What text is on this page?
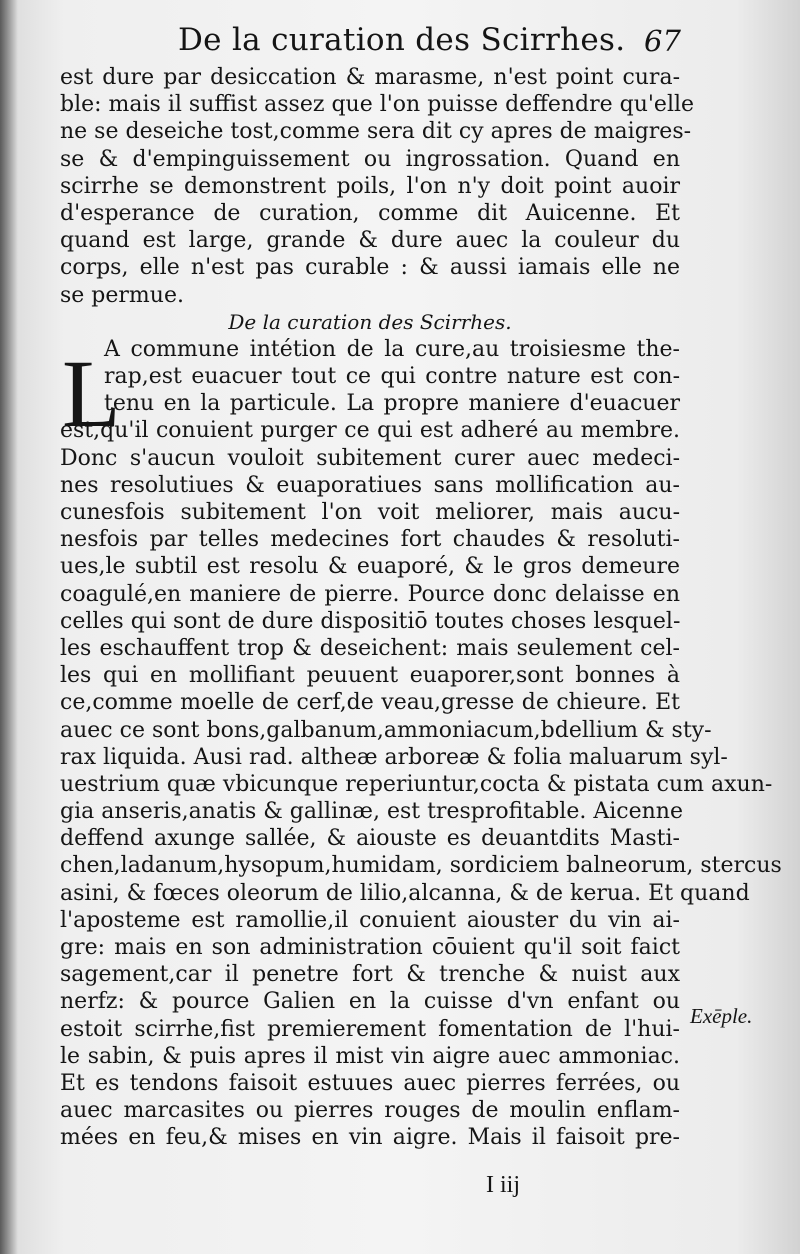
De la curation des Scirrhes. 67
est dure par desiccation & marasme, n'est point cura-
ble: mais il suffist assez que l'on puisse deffendre qu'elle
ne se deseiche tost,comme sera dit cy apres de maigres-
se & d'empinguissement ou ingrossation. Quand en
scirrhe se demonstrent poils, l'on n'y doit point auoir
d'esperance de curation, comme dit Auicenne. Et
quand est large, grande & dure auec la couleur du
corps, elle n'est pas curable : & aussi iamais elle ne
se permue.
De la curation des Scirrhes.
A commune intétion de la cure,au troisiesme the-
rap,est euacuer tout ce qui contre nature est con-
tenu en la particule. La propre maniere d'euacuer
est,qu'il conuient purger ce qui est adheré au membre.
Donc s'aucun vouloit subitement curer auec medeci-
nes resolutiues & euaporatiues sans mollification au-
cunesfois subitement l'on voit meliorer, mais aucu-
nesfois par telles medecines fort chaudes & resoluti-
ues,le subtil est resolu & euaporé, & le gros demeure
coagulé,en maniere de pierre. Pource donc delaisse en
celles qui sont de dure dispositiō toutes choses lesquel-
les eschauffent trop & deseichent: mais seulement cel-
les qui en mollifiant peuuent euaporer,sont bonnes à
ce,comme moelle de cerf,de veau,gresse de chieure. Et
auec ce sont bons,galbanum,ammoniacum,bdellium & sty-
rax liquida. Ausi rad. altheæ arboreæ & folia maluarum syl-
uestrium quæ vbicunque reperiuntur,cocta & pistata cum axun-
gia anseris,anatis & gallinæ, est tresprofitable. Aicenne
deffend axunge sallée, & aiouste es deuantdits Masti-
chen,ladanum,hysopum,humidam, sordiciem balneorum, stercus
asini, & fœces oleorum de lilio,alcanna, & de kerua. Et quand
l'aposteme est ramollie,il conuient aiouster du vin ai-
gre: mais en son administration cōuient qu'il soit faict
sagement,car il penetre fort & trenche & nuist aux
nerfz: & pource Galien en la cuisse d'vn enfant ou
estoit scirrhe,fist premierement fomentation de l'hui-
le sabin, & puis apres il mist vin aigre auec ammoniac.
Et es tendons faisoit estuues auec pierres ferrées, ou
auec marcasites ou pierres rouges de moulin enflam-
mées en feu,& mises en vin aigre. Mais il faisoit pre-
L
Exēple.
I iij
